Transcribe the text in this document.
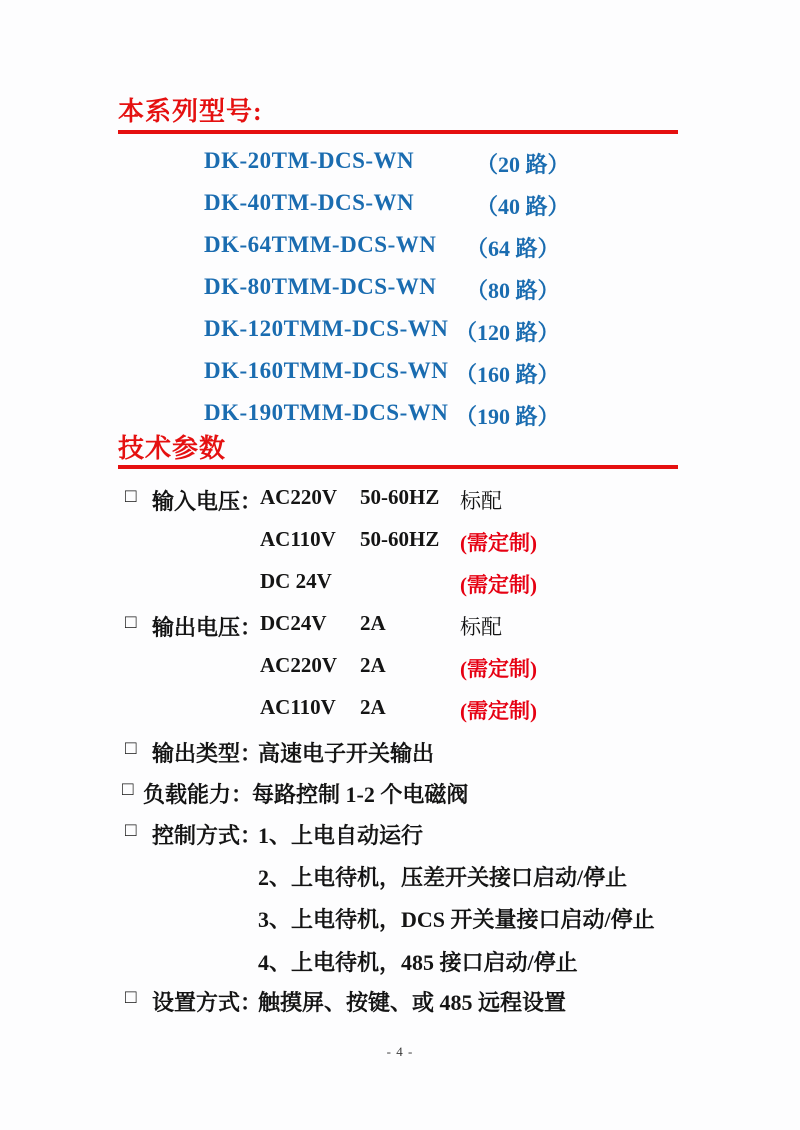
本系列型号:
DK-20TM-DCS-WN	（20 路）
DK-40TM-DCS-WN	（40 路）
DK-64TMM-DCS-WN （64 路）
DK-80TMM-DCS-WN （80 路）
DK-120TMM-DCS-WN （120 路）
DK-160TMM-DCS-WN （160 路）
DK-190TMM-DCS-WN （190 路）
技术参数
□ 输入电压：
AC220V 50-60HZ 标配
AC110V 50-60HZ (需定制)
DC 24V	(需定制)
□ 输出电压：
DC24V 2A	标配
AC220V 2A	(需定制)
AC110V 2A	(需定制)
□ 输出类型：
高速电子开关输出
□ 负载能力：
每路控制 1-2 个电磁阀
□ 控制方式：
1、上电自动运行
2、上电待机，压差开关接口启动/停止
3、上电待机，DCS 开关量接口启动/停止
4、上电待机，485 接口启动/停止
□ 设置方式：
触摸屏、按键、或 485 远程设置
- 4 -
